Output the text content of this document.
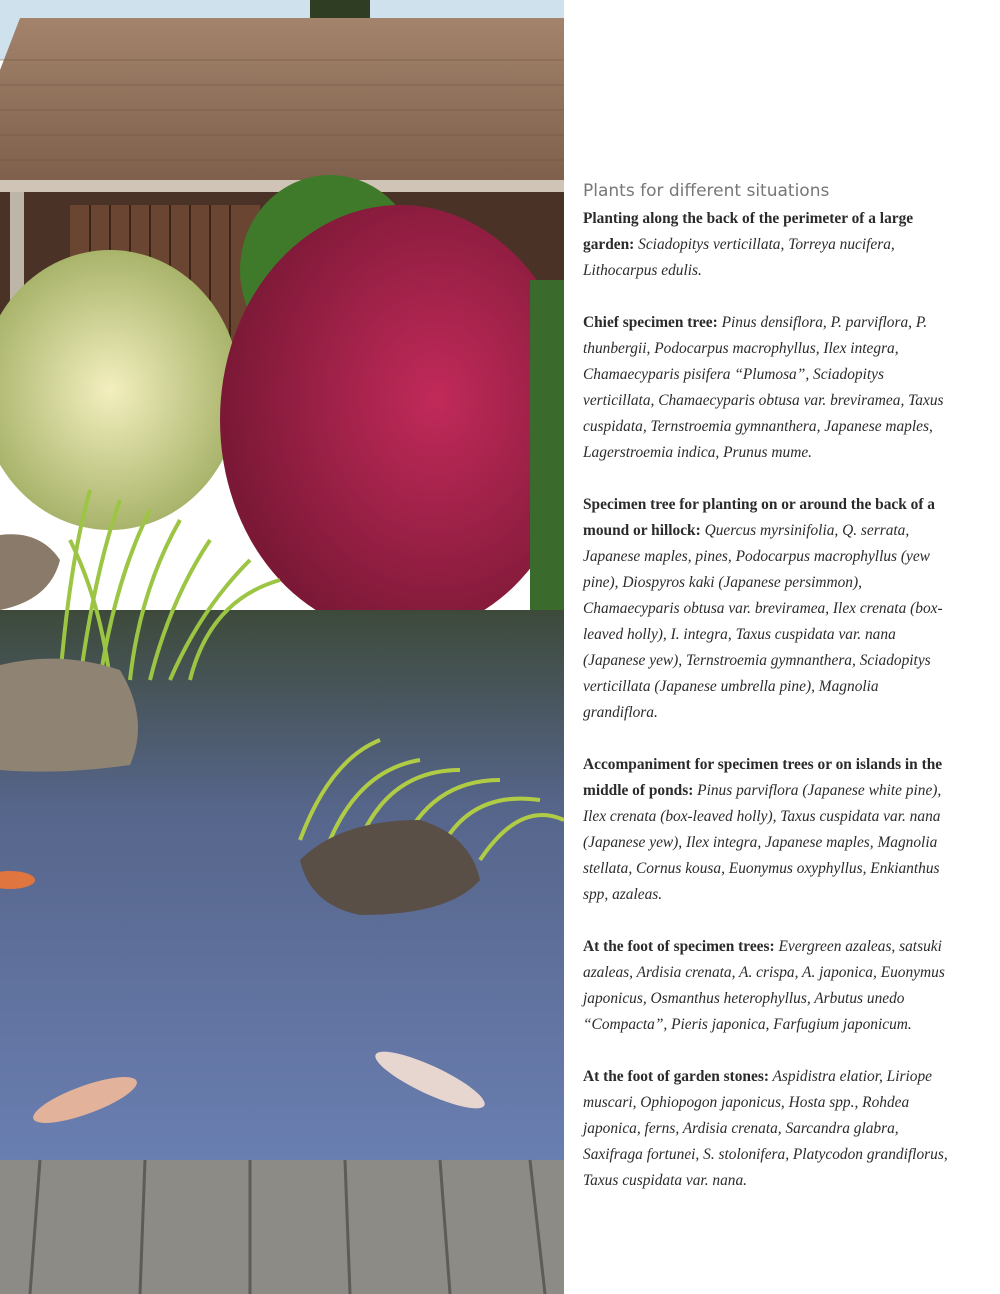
Plants for different situations

Planting along the back of the perimeter of a large garden: Sciadopitys verticillata, Torreya nucifera, Lithocarpus edulis.

Chief specimen tree: Pinus densiflora, P. parviflora, P. thunbergii, Podocarpus macrophyllus, Ilex integra, Chamaecyparis pisifera “Plumosa”, Sciadopitys verticillata, Chamaecyparis obtusa var. breviramea, Taxus cuspidata, Ternstroemia gymnanthera, Japanese maples, Lagerstroemia indica, Prunus mume.

Specimen tree for planting on or around the back of a mound or hillock: Quercus myrsinifolia, Q. serrata, Japanese maples, pines, Podocarpus macrophyllus (yew pine), Diospyros kaki (Japanese persimmon), Chamaecyparis obtusa var. breviramea, Ilex crenata (box-leaved holly), I. integra, Taxus cuspidata var. nana (Japanese yew), Ternstroemia gymnanthera, Sciadopitys verticillata (Japanese umbrella pine), Magnolia grandiflora.

Accompaniment for specimen trees or on islands in the middle of ponds: Pinus parviflora (Japanese white pine), Ilex crenata (box-leaved holly), Taxus cuspidata var. nana (Japanese yew), Ilex integra, Japanese maples, Magnolia stellata, Cornus kousa, Euonymus oxyphyllus, Enkianthus spp, azaleas.

At the foot of specimen trees: Evergreen azaleas, satsuki azaleas, Ardisia crenata, A. crispa, A. japonica, Euonymus japonicus, Osmanthus heterophyllus, Arbutus unedo “Compacta”, Pieris japonica, Farfugium japonicum.

At the foot of garden stones: Aspidistra elatior, Liriope muscari, Ophiopogon japonicus, Hosta spp., Rohdea japonica, ferns, Ardisia crenata, Sarcandra glabra, Saxifraga fortunei, S. stolonifera, Platycodon grandiflorus, Taxus cuspidata var. nana.
